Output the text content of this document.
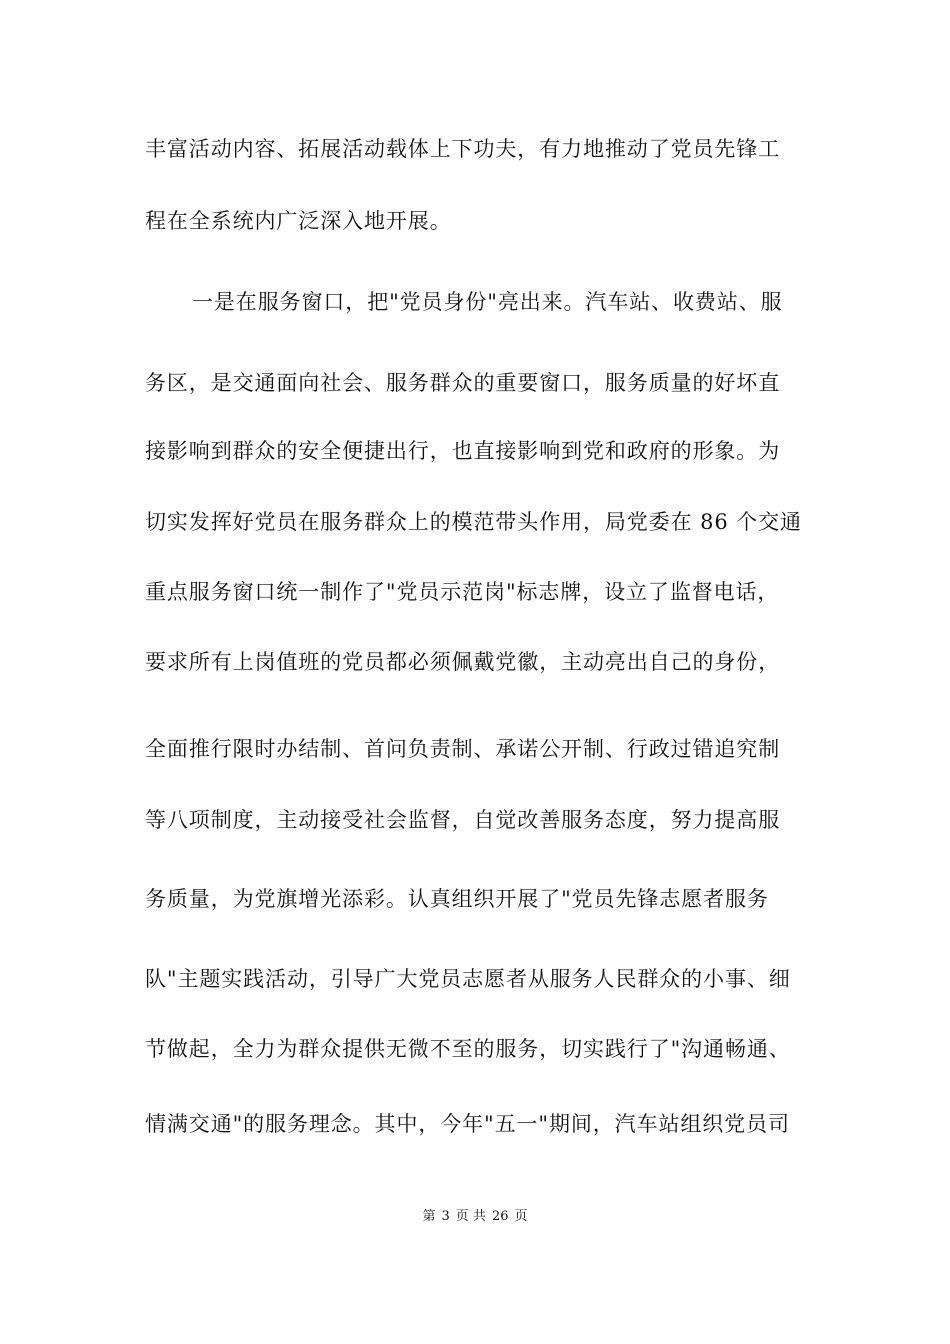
丰富活动内容、拓展活动载体上下功夫，有力地推动了党员先锋工
程在全系统内广泛深入地开展。
一是在服务窗口，把"党员身份"亮出来。汽车站、收费站、服
务区，是交通面向社会、服务群众的重要窗口，服务质量的好坏直
接影响到群众的安全便捷出行，也直接影响到党和政府的形象。为
切实发挥好党员在服务群众上的模范带头作用，局党委在 86 个交通
重点服务窗口统一制作了"党员示范岗"标志牌，设立了监督电话，
要求所有上岗值班的党员都必须佩戴党徽，主动亮出自己的身份，
全面推行限时办结制、首问负责制、承诺公开制、行政过错追究制
等八项制度，主动接受社会监督，自觉改善服务态度，努力提高服
务质量，为党旗增光添彩。认真组织开展了"党员先锋志愿者服务
队"主题实践活动，引导广大党员志愿者从服务人民群众的小事、细
节做起，全力为群众提供无微不至的服务，切实践行了"沟通畅通、
情满交通"的服务理念。其中，今年"五一"期间，汽车站组织党员司
第 3 页 共 26 页
